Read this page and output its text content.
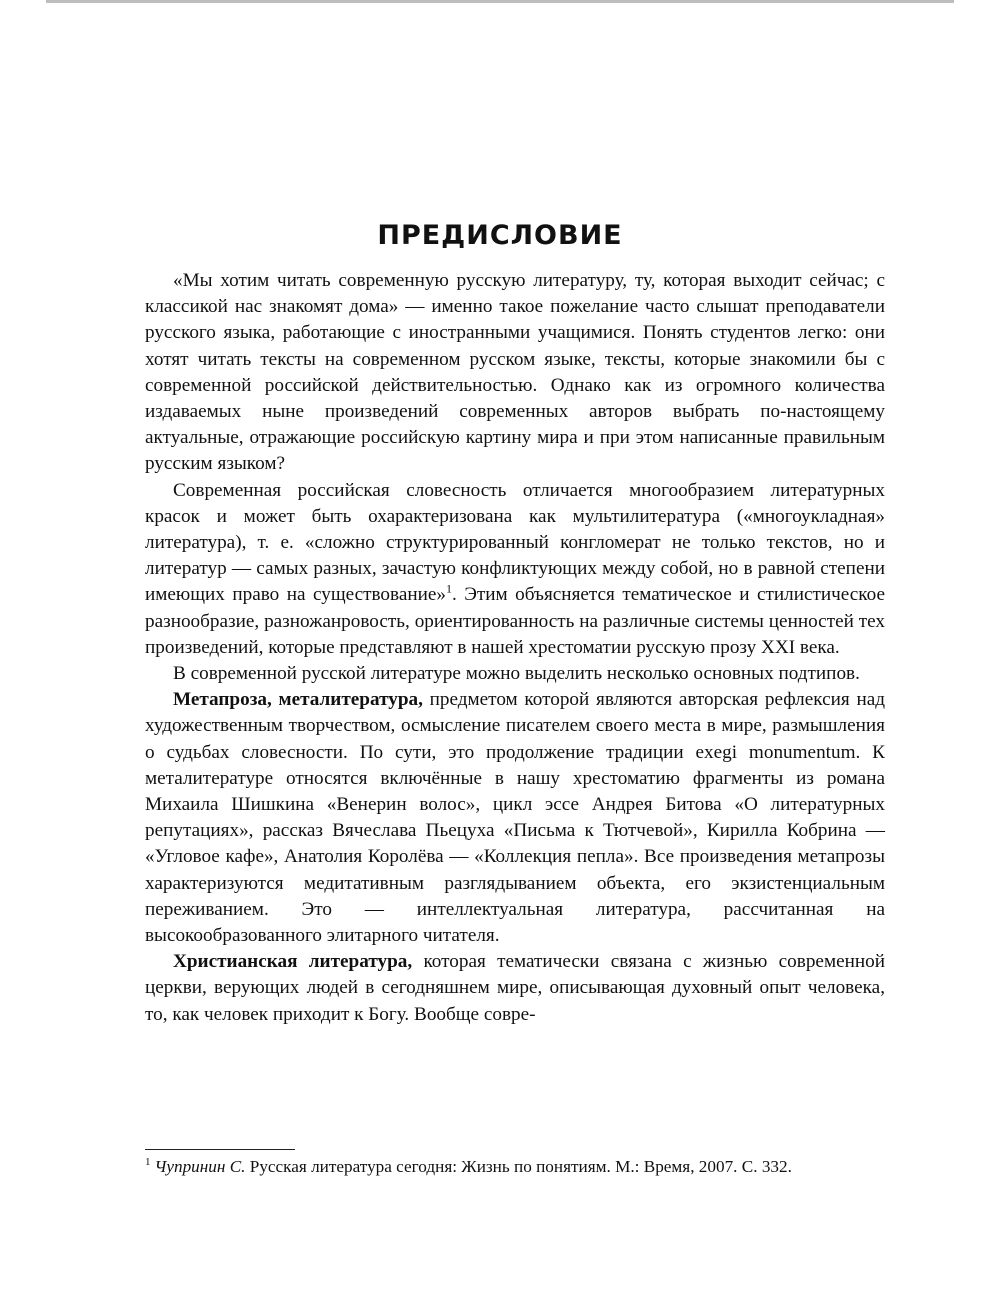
ПРЕДИСЛОВИЕ

«Мы хотим читать современную русскую литературу, ту, которая выходит сейчас; с классикой нас знакомят дома» — именно такое пожелание часто слышат преподаватели русского языка, работающие с иностранными учащимися. Понять студентов легко: они хотят читать тексты на современном русском языке, тексты, которые знакомили бы с современной российской действительностью. Однако как из огромного количества издаваемых ныне произведений современных авторов выбрать по-настоящему актуальные, отражающие российскую картину мира и при этом написанные правильным русским языком?

Современная российская словесность отличается многообразием литературных красок и может быть охарактеризована как мультилитература («многоукладная» литература), т. е. «сложно структурированный конгломерат не только текстов, но и литератур — самых разных, зачастую конфликтующих между собой, но в равной степени имеющих право на существование»$^1$. Этим объясняется тематическое и стилистическое разнообразие, разножанровость, ориентированность на различные системы ценностей тех произведений, которые представляют в нашей хрестоматии русскую прозу XXI века.

В современной русской литературе можно выделить несколько основных подтипов.

Метапроза, металитература, предметом которой являются авторская рефлексия над художественным творчеством, осмысление писателем своего места в мире, размышления о судьбах словесности. По сути, это продолжение традиции exegi monumentum. К металитературе относятся включённые в нашу хрестоматию фрагменты из романа Михаила Шишкина «Венерин волос», цикл эссе Андрея Битова «О литературных репутациях», рассказ Вячеслава Пьецуха «Письма к Тютчевой», Кирилла Кобрина — «Угловое кафе», Анатолия Королёва — «Коллекция пепла». Все произведения метапрозы характеризуются медитативным разглядыванием объекта, его экзистенциальным переживанием. Это — интеллектуальная литература, рассчитанная на высокообразованного элитарного читателя.

Христианская литература, которая тематически связана с жизнью современной церкви, верующих людей в сегодняшнем мире, описывающая духовный опыт человека, то, как человек приходит к Богу. Вообще совре-

$^1$ Чупринин С. Русская литература сегодня: Жизнь по понятиям. М.: Время, 2007. С. 332.
